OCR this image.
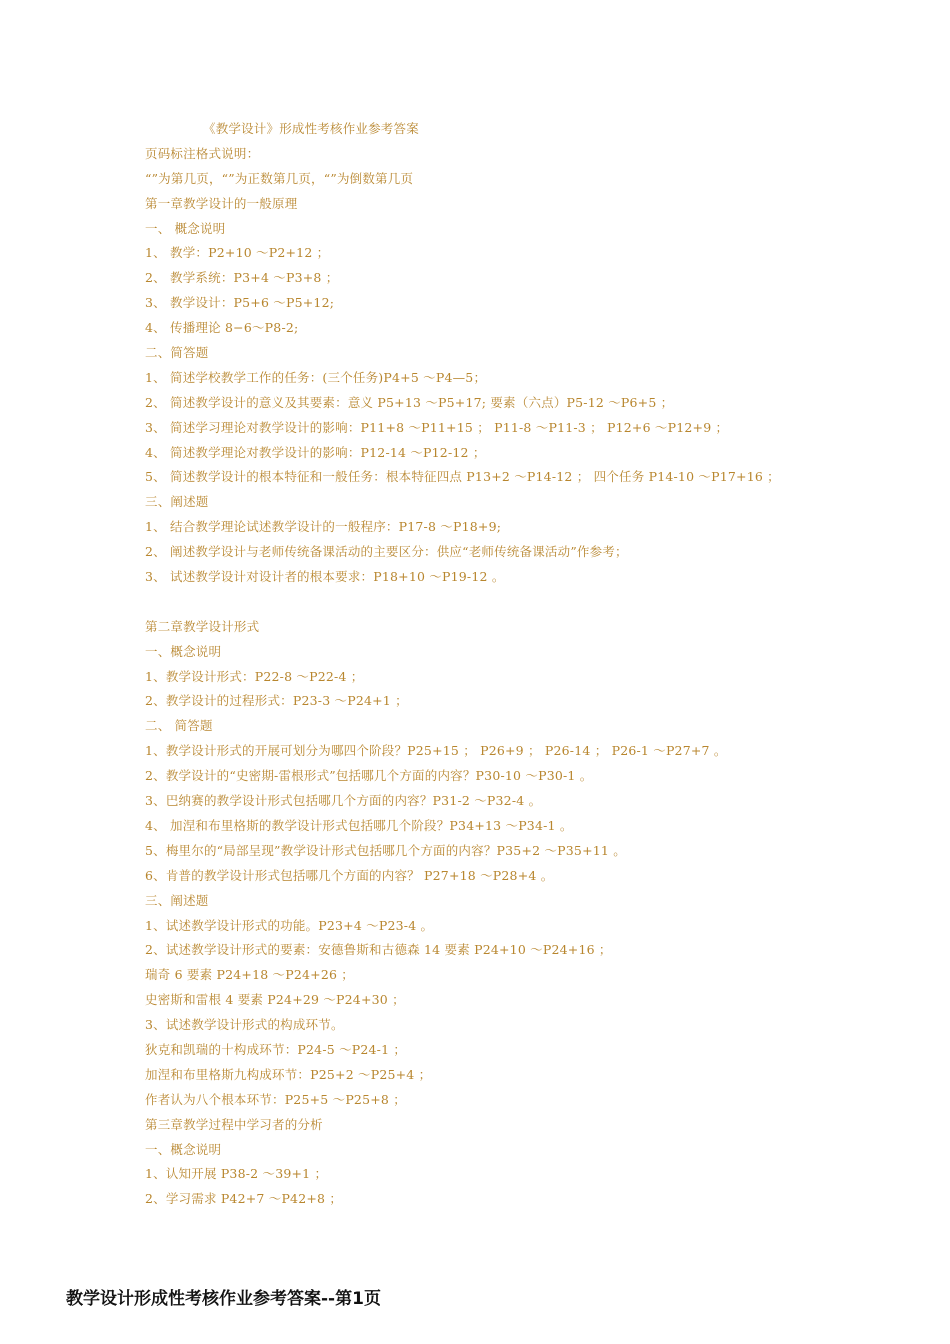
《教学设计》形成性考核作业参考答案
页码标注格式说明：
“”为第几页，“”为正数第几页，“”为倒数第几页
第一章教学设计的一般原理
一、 概念说明
1、 教学：P2+10 ～P2+12 ；
2、 教学系统：P3+4 ～P3+8 ；
3、 教学设计：P5+6 ～P5+12;
4、 传播理论 8−6～P8-2;
二、简答题
1、 简述学校教学工作的任务：(三个任务)P4+5 ～P4—5；
2、 简述教学设计的意义及其要素：意义 P5+13 ～P5+17; 要素（六点）P5-12 ～P6+5 ；
3、 简述学习理论对教学设计的影响：P11+8 ～P11+15 ； P11-8 ～P11-3 ； P12+6 ～P12+9 ；
4、 简述教学理论对教学设计的影响：P12-14 ～P12-12 ；
5、 简述教学设计的根本特征和一般任务：根本特征四点 P13+2 ～P14-12 ； 四个任务 P14-10 ～P17+16 ；
三、阐述题
1、 结合教学理论试述教学设计的一般程序：P17-8 ～P18+9;
2、 阐述教学设计与老师传统备课活动的主要区分：供应“老师传统备课活动”作参考；
3、 试述教学设计对设计者的根本要求：P18+10 ～P19-12 。
第二章教学设计形式
一、概念说明
1、教学设计形式：P22-8 ～P22-4 ；
2、教学设计的过程形式：P23-3 ～P24+1 ；
二、 简答题
1、教学设计形式的开展可划分为哪四个阶段？P25+15 ； P26+9 ； P26-14 ； P26-1 ～P27+7 。
2、教学设计的“史密期-雷根形式”包括哪几个方面的内容？P30-10 ～P30-1 。
3、巴纳赛的教学设计形式包括哪几个方面的内容？P31-2 ～P32-4 。
4、 加涅和布里格斯的教学设计形式包括哪几个阶段？P34+13 ～P34-1 。
5、梅里尔的“局部呈现”教学设计形式包括哪几个方面的内容？P35+2 ～P35+11 。
6、肯普的教学设计形式包括哪几个方面的内容？ P27+18 ～P28+4 。
三、阐述题
1、试述教学设计形式的功能。P23+4 ～P23-4 。
2、试述教学设计形式的要素：安德鲁斯和古德森 14 要素 P24+10 ～P24+16 ；
瑞奇 6 要素 P24+18 ～P24+26 ；
史密斯和雷根 4 要素 P24+29 ～P24+30 ；
3、试述教学设计形式的构成环节。
狄克和凯瑞的十构成环节：P24-5 ～P24-1 ；
加涅和布里格斯九构成环节：P25+2 ～P25+4 ；
作者认为八个根本环节：P25+5 ～P25+8 ；
第三章教学过程中学习者的分析
一、概念说明
1、认知开展 P38-2 ～39+1 ；
2、学习需求 P42+7 ～P42+8 ；
教学设计形成性考核作业参考答案--第1页
